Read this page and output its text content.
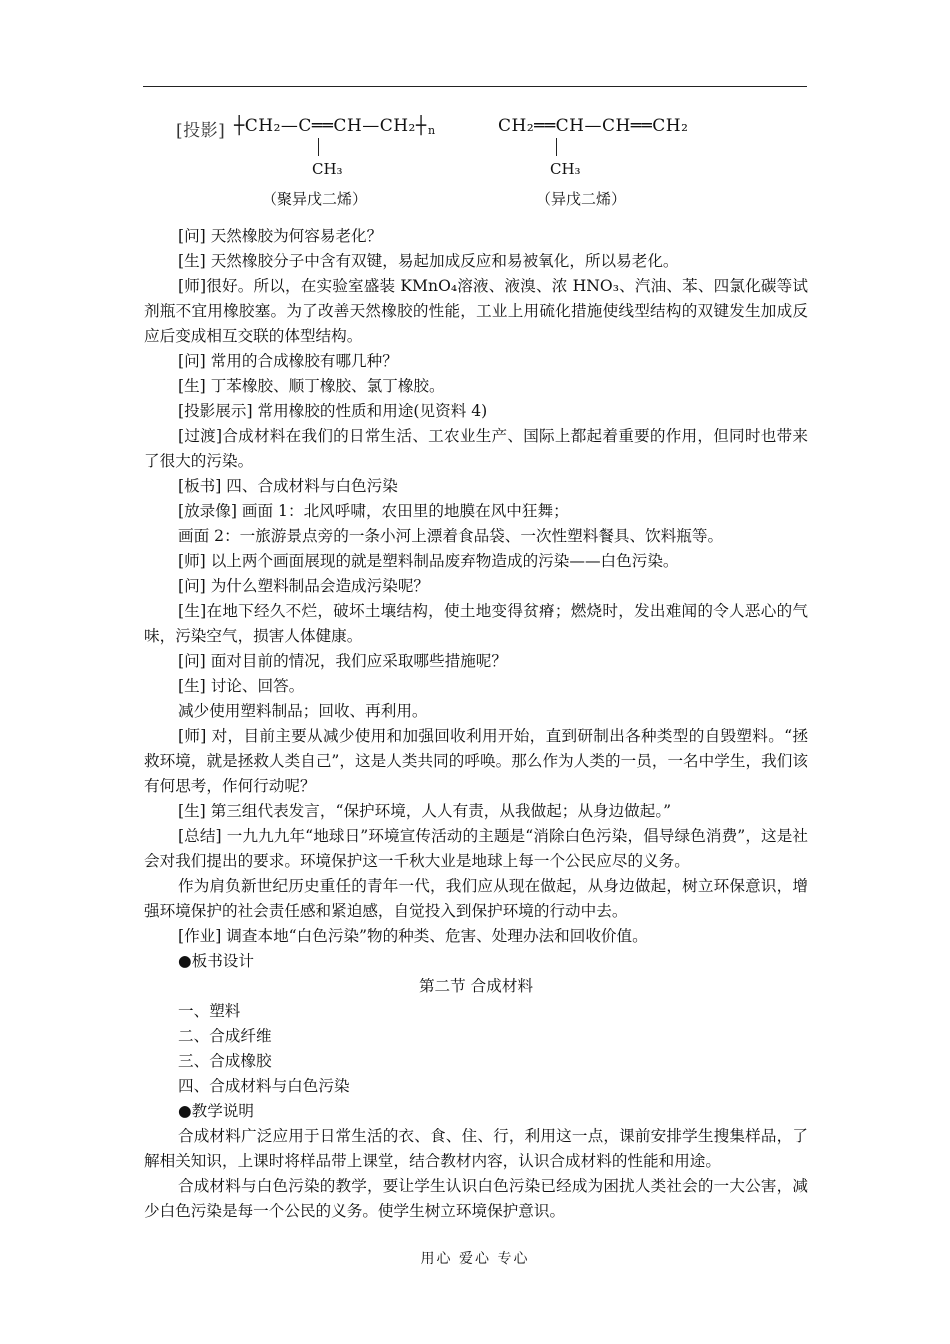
[投影] ┼CH₂—C══CH—CH₂┼ n
CH₃
（聚异戊二烯）
CH₂══CH—CH══CH₂
CH₃
（异戊二烯）

[问] 天然橡胶为何容易老化？

[生] 天然橡胶分子中含有双键，易起加成反应和易被氧化，所以易老化。

[师]很好。所以，在实验室盛装 KMnO₄溶液、液溴、浓 HNO₃、汽油、苯、四氯化碳等试剂瓶不宜用橡胶塞。为了改善天然橡胶的性能，工业上用硫化措施使线型结构的双键发生加成反应后变成相互交联的体型结构。

[问] 常用的合成橡胶有哪几种？

[生] 丁苯橡胶、顺丁橡胶、氯丁橡胶。

[投影展示] 常用橡胶的性质和用途(见资料 4)

[过渡]合成材料在我们的日常生活、工农业生产、国际上都起着重要的作用，但同时也带来了很大的污染。

[板书] 四、合成材料与白色污染

[放录像] 画面 1：北风呼啸，农田里的地膜在风中狂舞；

画面 2：一旅游景点旁的一条小河上漂着食品袋、一次性塑料餐具、饮料瓶等。

[师] 以上两个画面展现的就是塑料制品废弃物造成的污染——白色污染。

[问] 为什么塑料制品会造成污染呢？

[生]在地下经久不烂，破坏土壤结构，使土地变得贫瘠；燃烧时，发出难闻的令人恶心的气味，污染空气，损害人体健康。

[问] 面对目前的情况，我们应采取哪些措施呢？

[生] 讨论、回答。

减少使用塑料制品；回收、再利用。

[师] 对，目前主要从减少使用和加强回收利用开始，直到研制出各种类型的自毁塑料。“拯救环境，就是拯救人类自己”，这是人类共同的呼唤。那么作为人类的一员，一名中学生，我们该有何思考，作何行动呢？

[生] 第三组代表发言，“保护环境，人人有责，从我做起；从身边做起。”

[总结] 一九九九年“地球日”环境宣传活动的主题是“消除白色污染，倡导绿色消费”，这是社会对我们提出的要求。环境保护这一千秋大业是地球上每一个公民应尽的义务。

作为肩负新世纪历史重任的青年一代，我们应从现在做起，从身边做起，树立环保意识，增强环境保护的社会责任感和紧迫感，自觉投入到保护环境的行动中去。

[作业] 调查本地“白色污染”物的种类、危害、处理办法和回收价值。

●板书设计

第二节 合成材料

一、塑料

二、合成纤维

三、合成橡胶

四、合成材料与白色污染

●教学说明

合成材料广泛应用于日常生活的衣、食、住、行，利用这一点，课前安排学生搜集样品，了解相关知识，上课时将样品带上课堂，结合教材内容，认识合成材料的性能和用途。

合成材料与白色污染的教学，要让学生认识白色污染已经成为困扰人类社会的一大公害，减少白色污染是每一个公民的义务。使学生树立环境保护意识。

用心 爱心 专心
